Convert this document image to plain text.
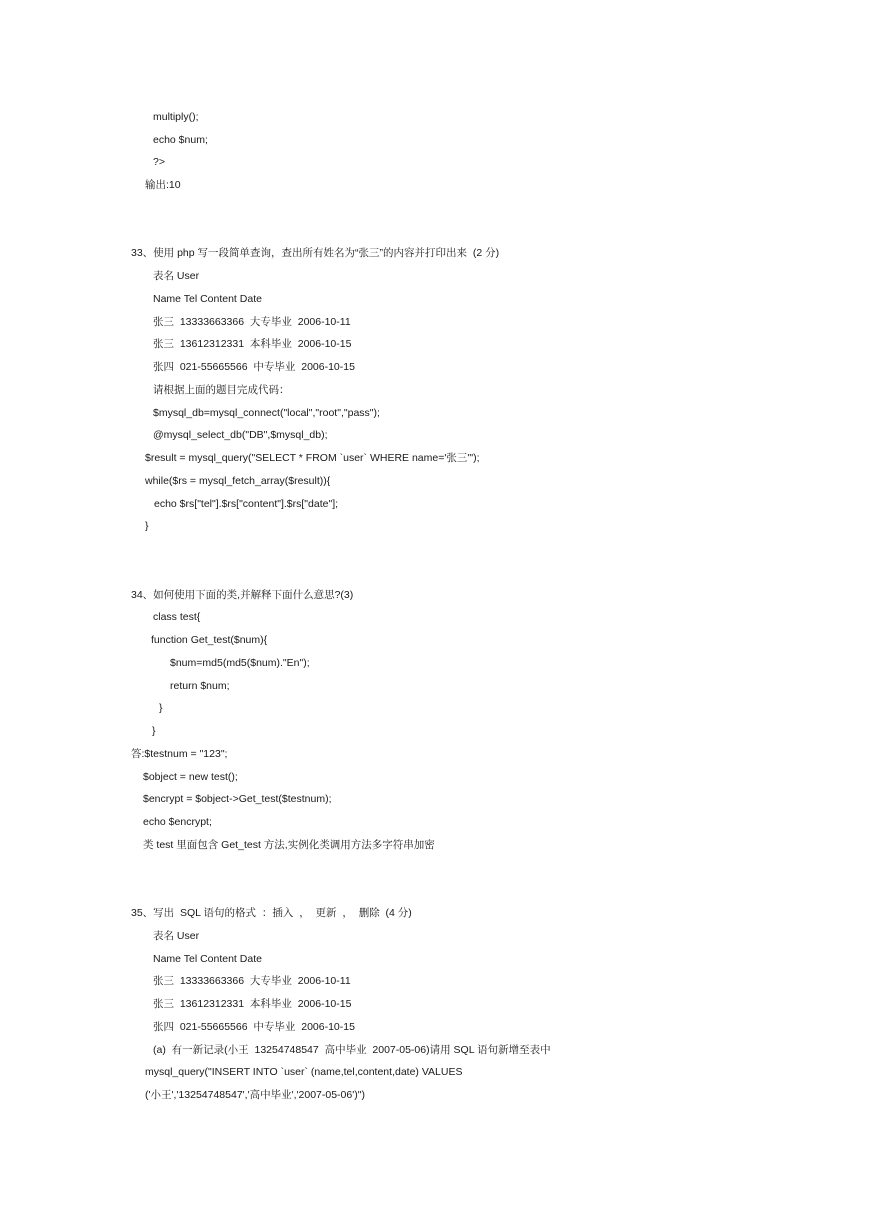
multiply();
echo $num;
?>
输出:10
33、使用 php 写一段简单查询，查出所有姓名为“张三”的内容并打印出来  (2 分)
表名 User
Name Tel Content Date
张三  13333663366  大专毕业  2006-10-11
张三  13612312331  本科毕业  2006-10-15
张四  021-55665566  中专毕业  2006-10-15
请根据上面的题目完成代码：
$mysql_db=mysql_connect("local","root","pass");
@mysql_select_db("DB",$mysql_db);
$result = mysql_query("SELECT * FROM `user` WHERE name='张三'");
while($rs = mysql_fetch_array($result)){
echo $rs["tel"].$rs["content"].$rs["date"];
}
34、如何使用下面的类,并解释下面什么意思?(3)
class test{
function Get_test($num){
$num=md5(md5($num)."En");
return $num;
}
}
答:$testnum = "123";
$object = new test();
$encrypt = $object->Get_test($testnum);
echo $encrypt;
类 test 里面包含 Get_test 方法,实例化类调用方法多字符串加密
35、写出  SQL 语句的格式  ：插入  ，  更新  ，  删除  (4 分)
表名 User
Name Tel Content Date
张三  13333663366  大专毕业  2006-10-11
张三  13612312331  本科毕业  2006-10-15
张四  021-55665566  中专毕业  2006-10-15
(a)  有一新记录(小王  13254748547  高中毕业  2007-05-06)请用 SQL 语句新增至表中
mysql_query("INSERT INTO `user` (name,tel,content,date) VALUES
('小王','13254748547','高中毕业','2007-05-06')")
